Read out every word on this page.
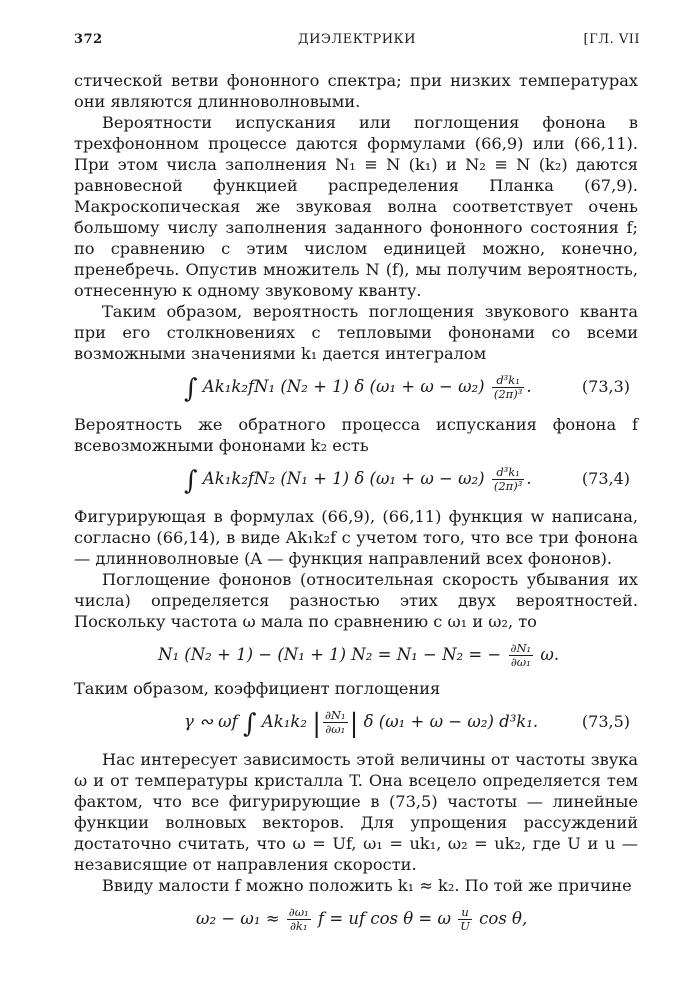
372	ДИЭЛЕКТРИКИ	[ГЛ. VII

стической ветви фононного спектра; при низких температурах они являются длинноволновыми.

Вероятности испускания или поглощения фонона в трехфононном процессе даются формулами (66,9) или (66,11). При этом числа заполнения N₁ ≡ N (k₁) и N₂ ≡ N (k₂) даются равновесной функцией распределения Планка (67,9). Макроскопическая же звуковая волна соответствует очень большому числу заполнения заданного фононного состояния f; по сравнению с этим числом единицей можно, конечно, пренебречь. Опустив множитель N (f), мы получим вероятность, отнесенную к одному звуковому кванту.

Таким образом, вероятность поглощения звукового кванта при его столкновениях с тепловыми фононами со всеми возможными значениями k₁ дается интегралом

∫ Ak₁k₂fN₁ (N₂ + 1) δ $(\omega_1 + \omega - \omega_2) \frac{\text{d³k₁}}{\text{(2π)³}}$ .	(73,3)

Вероятность же обратного процесса испускания фонона f всевозможными фононами k₂ есть

∫ Ak₁k₂fN₂ (N₁ + 1) δ $(\omega_1 + \omega - \omega_2) \frac{\text{d³k₁}}{\text{(2π)³}}$ .	(73,4)

Фигурирующая в формулах (66,9), (66,11) функция w написана, согласно (66,14), в виде Ak₁k₂f с учетом того, что все три фонона — длинноволновые (A — функция направлений всех фононов).

Поглощение фононов (относительная скорость убывания их числа) определяется разностью этих двух вероятностей. Поскольку частота ω мала по сравнению с ω₁ и ω₂, то

N₁ (N₂ + 1) − (N₁ + 1) N₂ = N₁ − N₂ = − $\frac{\text{∂N₁}}{\text{∂ω₁}} \omega$.

Таким образом, коэффициент поглощения

γ ∾ ωf ∫ Ak₁k₂ | $\frac{\text{∂N₁}}{\text{∂ω₁}}$ | δ (ω₁ + ω − ω₂) d³k₁.	(73,5)

Нас интересует зависимость этой величины от частоты звука ω и от температуры кристалла T. Она всецело определяется тем фактом, что все фигурирующие в (73,5) частоты — линейные функции волновых векторов. Для упрощения рассуждений достаточно считать, что ω = Uf, ω₁ = uk₁, ω₂ = uk₂, где U и u — независящие от направления скорости.

Ввиду малости f можно положить k₁ ≈ k₂. По той же причине

$\omega_2 - \omega_1 \approx \frac{\text{∂ω₁}}{\text{∂k₁}}$ f = uf cos θ = ω $\frac{u}{U}$ cos θ,
